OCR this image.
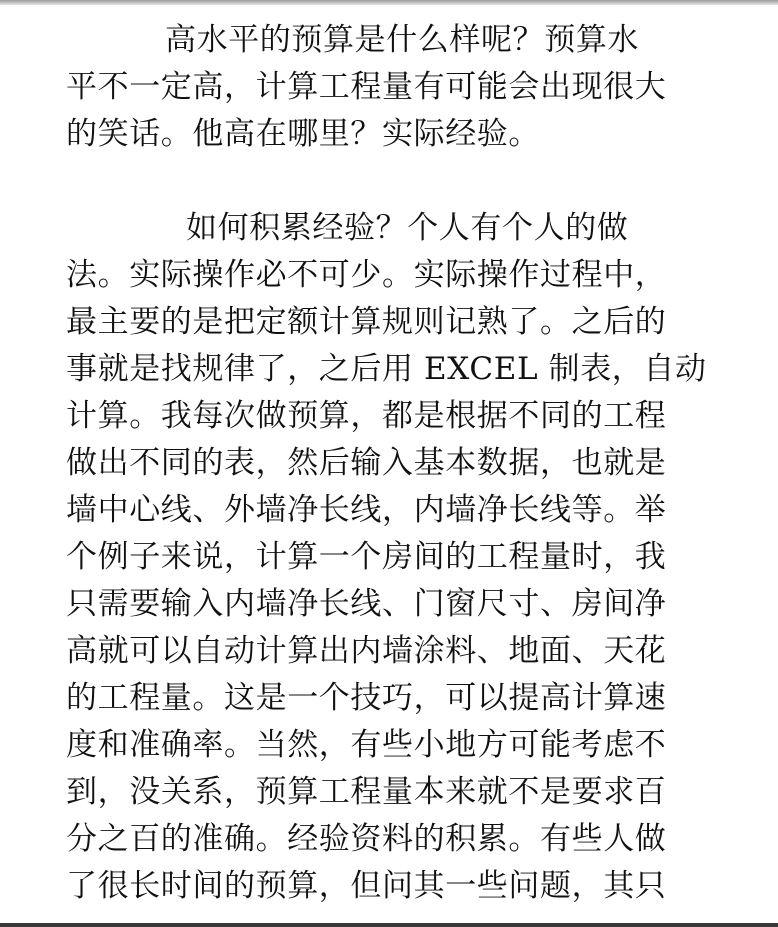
高水平的预算是什么样呢？预算水
平不一定高，计算工程量有可能会出现很大
的笑话。他高在哪里？实际经验。

如何积累经验？个人有个人的做
法。实际操作必不可少。实际操作过程中，
最主要的是把定额计算规则记熟了。之后的
事就是找规律了，之后用 EXCEL 制表，自动
计算。我每次做预算，都是根据不同的工程
做出不同的表，然后输入基本数据，也就是
墙中心线、外墙净长线，内墙净长线等。举
个例子来说，计算一个房间的工程量时，我
只需要输入内墙净长线、门窗尺寸、房间净
高就可以自动计算出内墙涂料、地面、天花
的工程量。这是一个技巧，可以提高计算速
度和准确率。当然，有些小地方可能考虑不
到，没关系，预算工程量本来就不是要求百
分之百的准确。经验资料的积累。有些人做
了很长时间的预算，但问其一些问题，其只
